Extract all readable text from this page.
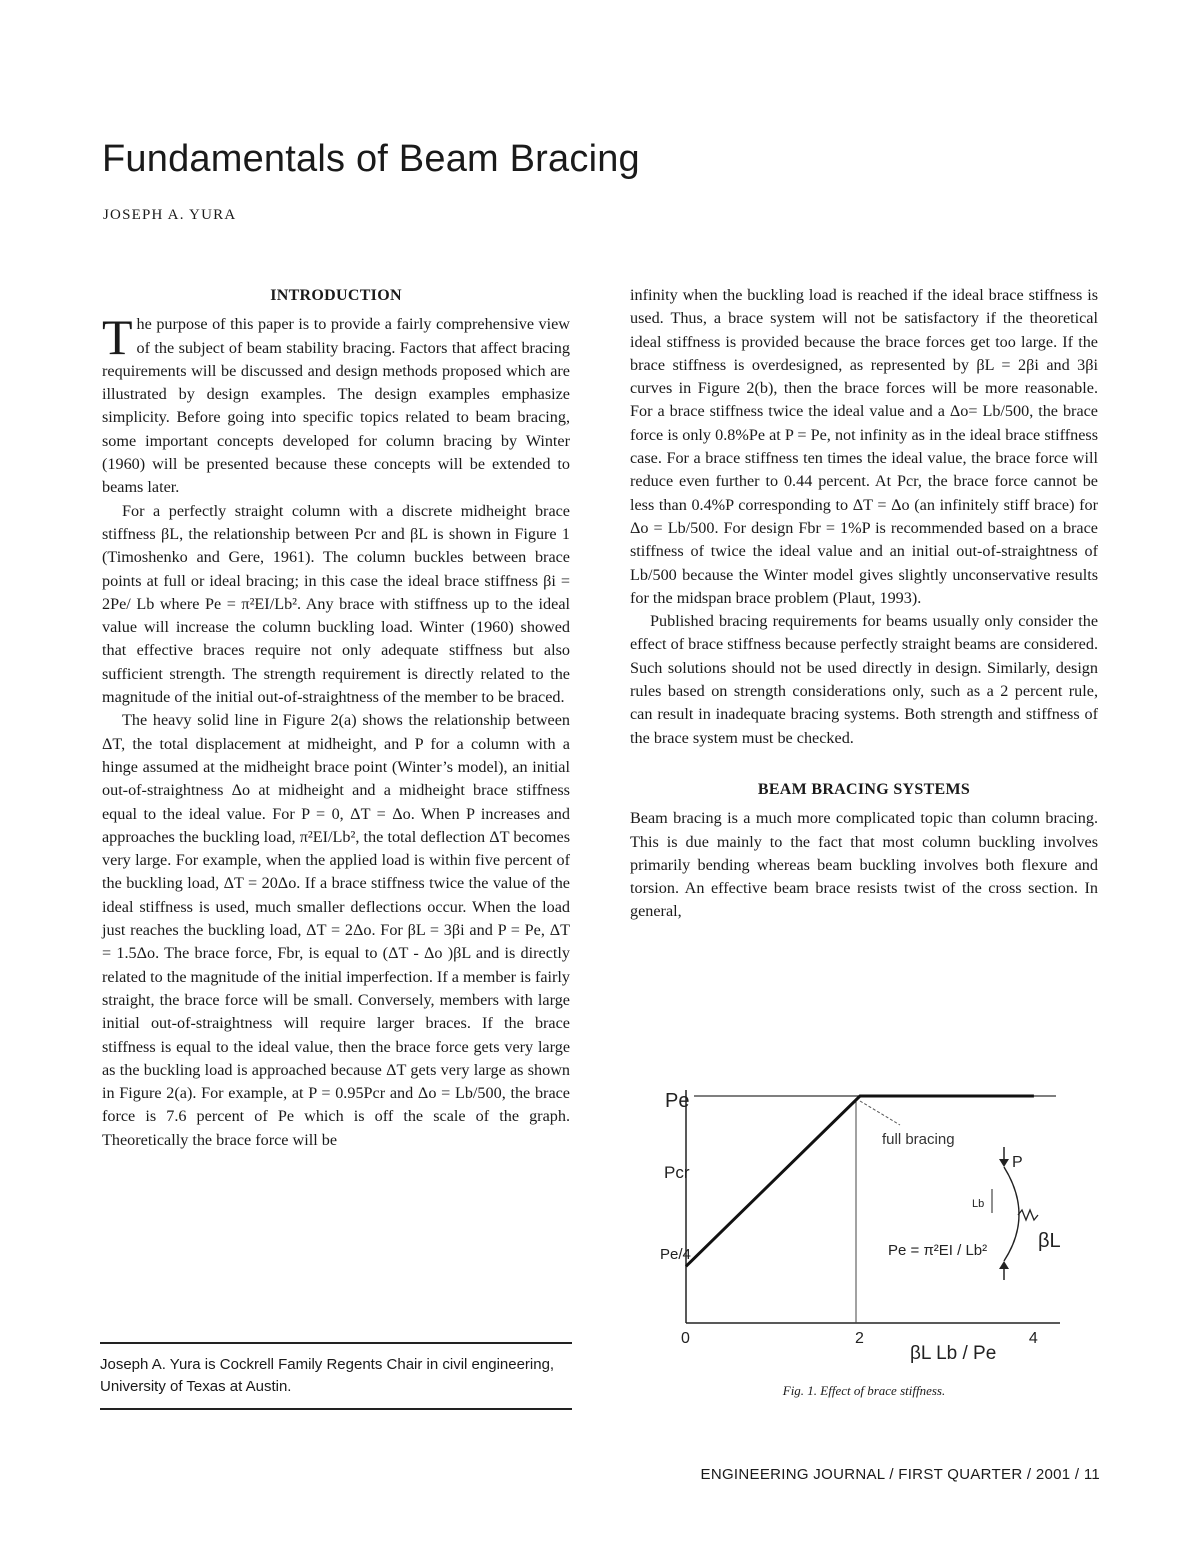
Fundamentals of Beam Bracing
JOSEPH A. YURA
INTRODUCTION

The purpose of this paper is to provide a fairly comprehensive view of the subject of beam stability bracing. Factors that affect bracing requirements will be discussed and design methods proposed which are illustrated by design examples. The design examples emphasize simplicity. Before going into specific topics related to beam bracing, some important concepts developed for column bracing by Winter (1960) will be presented because these concepts will be extended to beams later.

For a perfectly straight column with a discrete midheight brace stiffness βL, the relationship between Pcr and βL is shown in Figure 1 (Timoshenko and Gere, 1961). The column buckles between brace points at full or ideal bracing; in this case the ideal brace stiffness βi = 2Pe/ Lb where Pe = π²EI/Lb². Any brace with stiffness up to the ideal value will increase the column buckling load. Winter (1960) showed that effective braces require not only adequate stiffness but also sufficient strength. The strength requirement is directly related to the magnitude of the initial out-of-straightness of the member to be braced.

The heavy solid line in Figure 2(a) shows the relationship between ΔT, the total displacement at midheight, and P for a column with a hinge assumed at the midheight brace point (Winter’s model), an initial out-of-straightness Δo at midheight and a midheight brace stiffness equal to the ideal value. For P = 0, ΔT = Δo. When P increases and approaches the buckling load, π²EI/Lb², the total deflection ΔT becomes very large. For example, when the applied load is within five percent of the buckling load, ΔT = 20Δo. If a brace stiffness twice the value of the ideal stiffness is used, much smaller deflections occur. When the load just reaches the buckling load, ΔT = 2Δo. For βL = 3βi and P = Pe, ΔT = 1.5Δo. The brace force, Fbr, is equal to (ΔT - Δo )βL and is directly related to the magnitude of the initial imperfection. If a member is fairly straight, the brace force will be small. Conversely, members with large initial out-of-straightness will require larger braces. If the brace stiffness is equal to the ideal value, then the brace force gets very large as the buckling load is approached because ΔT gets very large as shown in Figure 2(a). For example, at P = 0.95Pcr and Δo = Lb/500, the brace force is 7.6 percent of Pe which is off the scale of the graph. Theoretically the brace force will be

infinity when the buckling load is reached if the ideal brace stiffness is used. Thus, a brace system will not be satisfactory if the theoretical ideal stiffness is provided because the brace forces get too large. If the brace stiffness is overdesigned, as represented by βL = 2βi and 3βi curves in Figure 2(b), then the brace forces will be more reasonable. For a brace stiffness twice the ideal value and a Δo= Lb/500, the brace force is only 0.8%Pe at P = Pe, not infinity as in the ideal brace stiffness case. For a brace stiffness ten times the ideal value, the brace force will reduce even further to 0.44 percent. At Pcr, the brace force cannot be less than 0.4%P corresponding to ΔT = Δo (an infinitely stiff brace) for Δo = Lb/500. For design Fbr = 1%P is recommended based on a brace stiffness of twice the ideal value and an initial out-of-straightness of Lb/500 because the Winter model gives slightly unconservative results for the midspan brace problem (Plaut, 1993).

Published bracing requirements for beams usually only consider the effect of brace stiffness because perfectly straight beams are considered. Such solutions should not be used directly in design. Similarly, design rules based on strength considerations only, such as a 2 percent rule, can result in inadequate bracing systems. Both strength and stiffness of the brace system must be checked.

BEAM BRACING SYSTEMS

Beam bracing is a much more complicated topic than column bracing. This is due mainly to the fact that most column buckling involves primarily bending whereas beam buckling involves both flexure and torsion. An effective beam brace resists twist of the cross section. In general,

Joseph A. Yura is Cockrell Family Regents Chair in civil engineering, University of Texas at Austin.
Pe
Pcr
Pe/4
full bracing
P
Lb
Pe = π²EI / Lb²	βL
0	2	4
βL Lb / Pe
Fig. 1. Effect of brace stiffness.
ENGINEERING JOURNAL / FIRST QUARTER / 2001 / 11
